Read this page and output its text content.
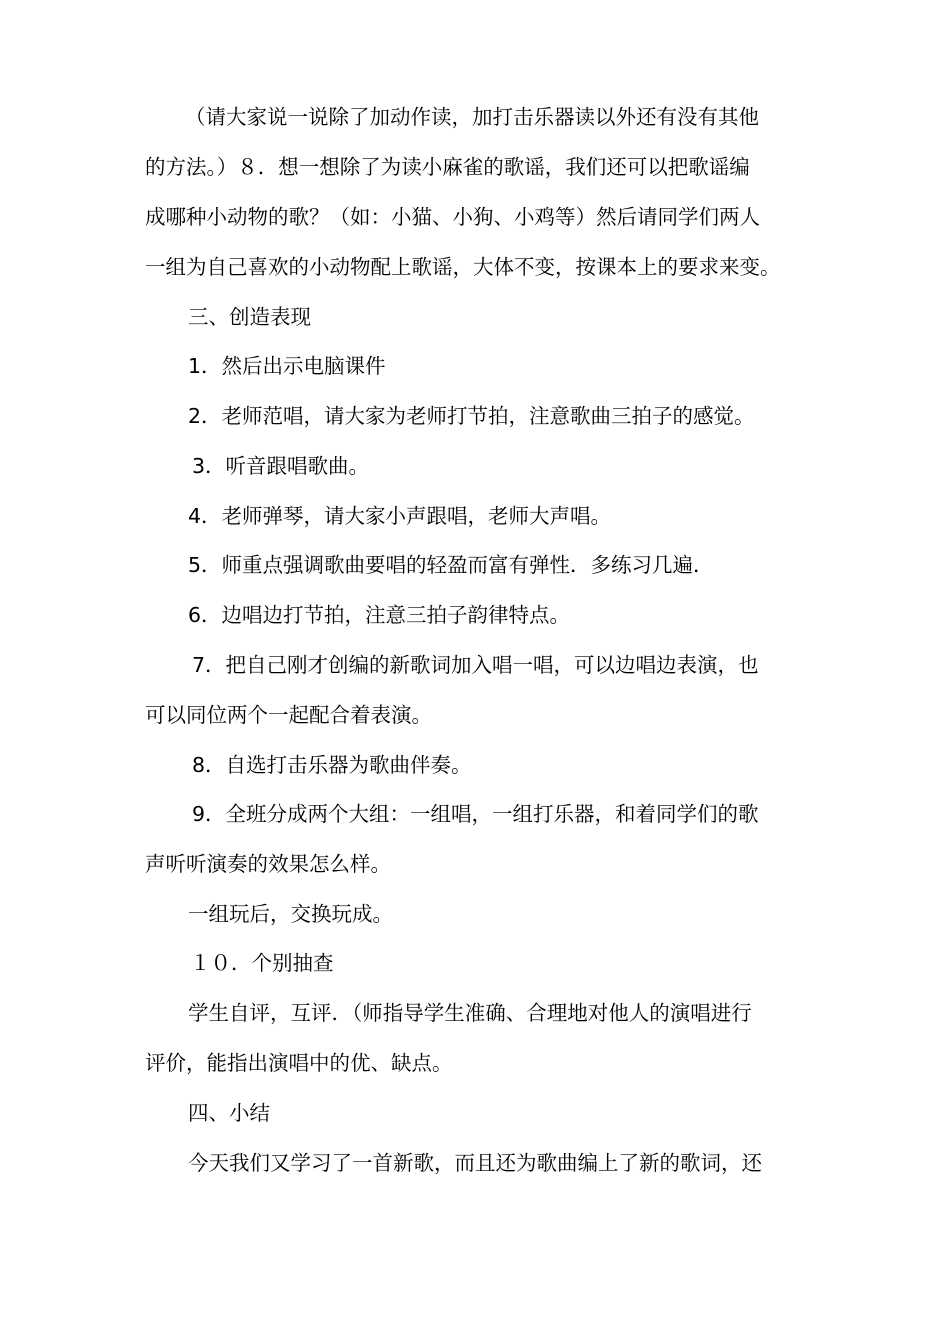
（请大家说一说除了加动作读，加打击乐器读以外还有没有其他
的方法。）８．想一想除了为读小麻雀的歌谣，我们还可以把歌谣编
成哪种小动物的歌？（如：小猫、小狗、小鸡等）然后请同学们两人
一组为自己喜欢的小动物配上歌谣，大体不变，按课本上的要求来变。
三、创造表现
1．然后出示电脑课件
2．老师范唱，请大家为老师打节拍，注意歌曲三拍子的感觉。
3．听音跟唱歌曲。
4．老师弹琴，请大家小声跟唱，老师大声唱。
5．师重点强调歌曲要唱的轻盈而富有弹性．多练习几遍．
6．边唱边打节拍，注意三拍子韵律特点。
7．把自己刚才创编的新歌词加入唱一唱，可以边唱边表演，也
可以同位两个一起配合着表演。
8．自选打击乐器为歌曲伴奏。
9．全班分成两个大组：一组唱，一组打乐器，和着同学们的歌
声听听演奏的效果怎么样。
一组玩后，交换玩成。
１０．个别抽查
学生自评，互评．（师指导学生准确、合理地对他人的演唱进行
评价，能指出演唱中的优、缺点。
四、小结
今天我们又学习了一首新歌，而且还为歌曲编上了新的歌词，还
